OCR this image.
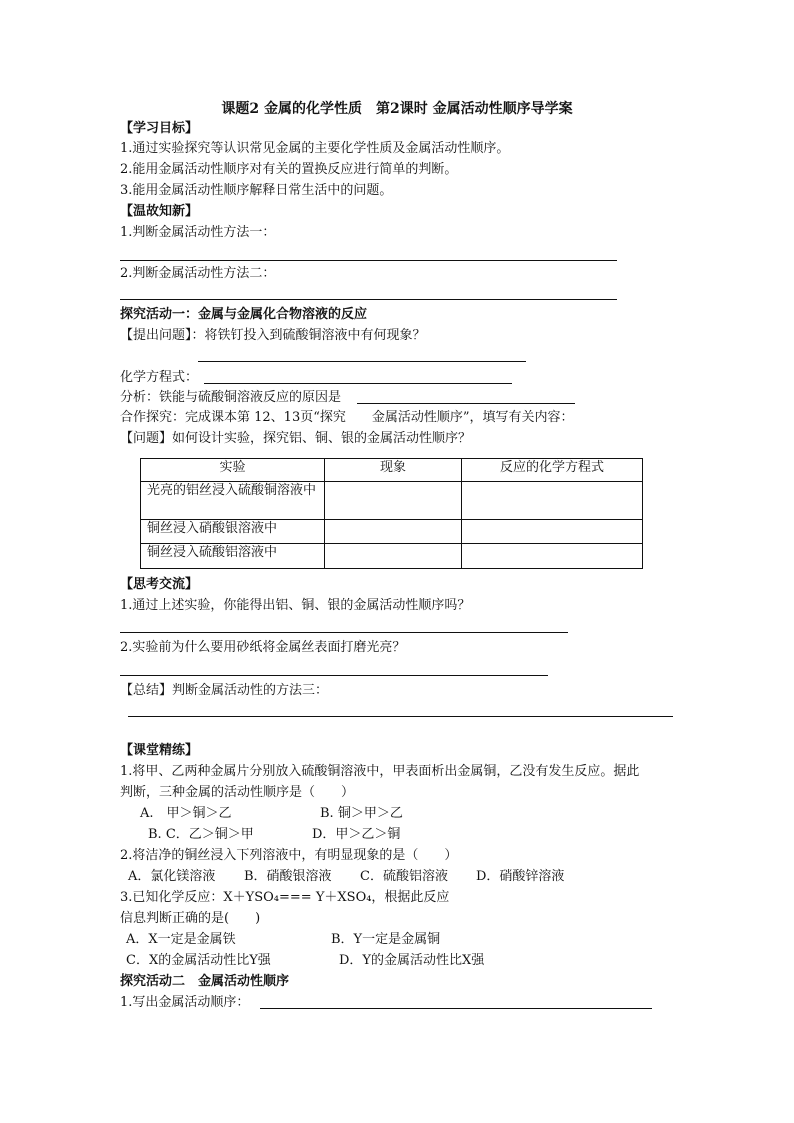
课题2 金属的化学性质　第2课时 金属活动性顺序导学案
【学习目标】
1.通过实验探究等认识常见金属的主要化学性质及金属活动性顺序。
2.能用金属活动性顺序对有关的置换反应进行简单的判断。
3.能用金属活动性顺序解释日常生活中的问题。
【温故知新】
1.判断金属活动性方法一：
2.判断金属活动性方法二：
探究活动一：金属与金属化合物溶液的反应
【提出问题】：将铁钉投入到硫酸铜溶液中有何现象？
化学方程式：
分析：铁能与硫酸铜溶液反应的原因是
合作探究：完成课本第 12、13页“探究　　金属活动性顺序”，填写有关内容：
【问题】如何设计实验，探究铝、铜、银的金属活动性顺序？
实验	现象	反应的化学方程式
光亮的铝丝浸入硫酸铜溶液中		
铜丝浸入硝酸银溶液中		
铜丝浸入硫酸铝溶液中		
【思考交流】
1.通过上述实验，你能得出铝、铜、银的金属活动性顺序吗？
2.实验前为什么要用砂纸将金属丝表面打磨光亮？
【总结】判断金属活动性的方法三：
【课堂精练】
1.将甲、乙两种金属片分别放入硫酸铜溶液中，甲表面析出金属铜，乙没有发生反应。据此
判断，三种金属的活动性顺序是（　　）
A.　甲＞铜＞乙	B. 铜＞甲＞乙
B. C．乙＞铜＞甲	D．甲＞乙＞铜
2.将洁净的铜丝浸入下列溶液中，有明显现象的是（　　）
A．氯化镁溶液 B．硝酸银溶液 C．硫酸铝溶液 D．硝酸锌溶液
3.已知化学反应：X＋YSO₄=== Y＋XSO₄，根据此反应
信息判断正确的是(　　)
A．X一定是金属铁	B．Y一定是金属铜
C．X的金属活动性比Y强	D．Y的金属活动性比X强
探究活动二　金属活动性顺序
1.写出金属活动顺序：
